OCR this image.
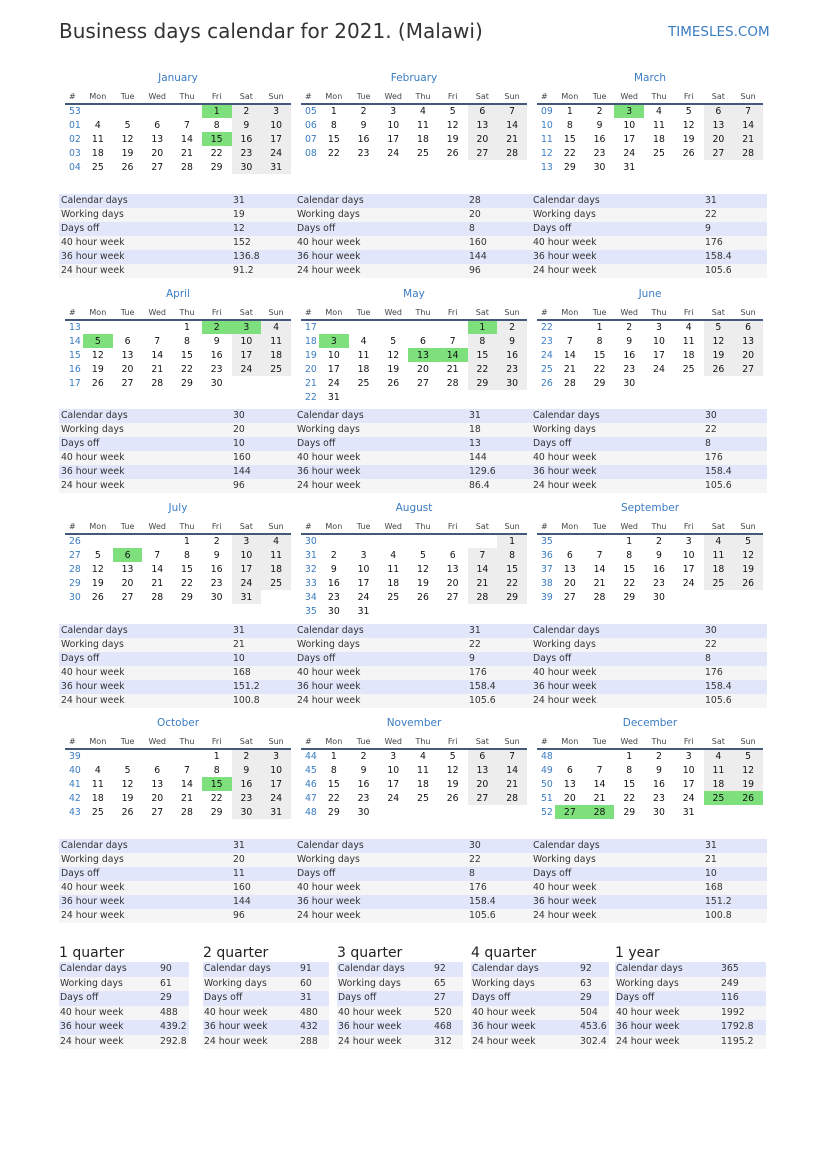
Business days calendar for 2021. (Malawi)	TIMESLES.COM
January
#	Mon	Tue	Wed	Thu	Fri	Sat	Sun
53					1	2	3
01	4	5	6	7	8	9	10
02	11	12	13	14	15	16	17
03	18	19	20	21	22	23	24
04	25	26	27	28	29	30	31
Calendar days	31
Working days	19
Days off	12
40 hour week	152
36 hour week	136.8
24 hour week	91.2
February
#	Mon	Tue	Wed	Thu	Fri	Sat	Sun
05	1	2	3	4	5	6	7
06	8	9	10	11	12	13	14
07	15	16	17	18	19	20	21
08	22	23	24	25	26	27	28
Calendar days	28
Working days	20
Days off	8
40 hour week	160
36 hour week	144
24 hour week	96
March
#	Mon	Tue	Wed	Thu	Fri	Sat	Sun
09	1	2	3	4	5	6	7
10	8	9	10	11	12	13	14
11	15	16	17	18	19	20	21
12	22	23	24	25	26	27	28
13	29	30	31				
Calendar days	31
Working days	22
Days off	9
40 hour week	176
36 hour week	158.4
24 hour week	105.6
April
#	Mon	Tue	Wed	Thu	Fri	Sat	Sun
13				1	2	3	4
14	5	6	7	8	9	10	11
15	12	13	14	15	16	17	18
16	19	20	21	22	23	24	25
17	26	27	28	29	30		
Calendar days	30
Working days	20
Days off	10
40 hour week	160
36 hour week	144
24 hour week	96
May
#	Mon	Tue	Wed	Thu	Fri	Sat	Sun
17						1	2
18	3	4	5	6	7	8	9
19	10	11	12	13	14	15	16
20	17	18	19	20	21	22	23
21	24	25	26	27	28	29	30
22	31						
Calendar days	31
Working days	18
Days off	13
40 hour week	144
36 hour week	129.6
24 hour week	86.4
June
#	Mon	Tue	Wed	Thu	Fri	Sat	Sun
22		1	2	3	4	5	6
23	7	8	9	10	11	12	13
24	14	15	16	17	18	19	20
25	21	22	23	24	25	26	27
26	28	29	30				
Calendar days	30
Working days	22
Days off	8
40 hour week	176
36 hour week	158.4
24 hour week	105.6
July
#	Mon	Tue	Wed	Thu	Fri	Sat	Sun
26				1	2	3	4
27	5	6	7	8	9	10	11
28	12	13	14	15	16	17	18
29	19	20	21	22	23	24	25
30	26	27	28	29	30	31	
Calendar days	31
Working days	21
Days off	10
40 hour week	168
36 hour week	151.2
24 hour week	100.8
August
#	Mon	Tue	Wed	Thu	Fri	Sat	Sun
30							1
31	2	3	4	5	6	7	8
32	9	10	11	12	13	14	15
33	16	17	18	19	20	21	22
34	23	24	25	26	27	28	29
35	30	31					
Calendar days	31
Working days	22
Days off	9
40 hour week	176
36 hour week	158.4
24 hour week	105.6
September
#	Mon	Tue	Wed	Thu	Fri	Sat	Sun
35			1	2	3	4	5
36	6	7	8	9	10	11	12
37	13	14	15	16	17	18	19
38	20	21	22	23	24	25	26
39	27	28	29	30			
Calendar days	30
Working days	22
Days off	8
40 hour week	176
36 hour week	158.4
24 hour week	105.6
October
#	Mon	Tue	Wed	Thu	Fri	Sat	Sun
39					1	2	3
40	4	5	6	7	8	9	10
41	11	12	13	14	15	16	17
42	18	19	20	21	22	23	24
43	25	26	27	28	29	30	31
Calendar days	31
Working days	20
Days off	11
40 hour week	160
36 hour week	144
24 hour week	96
November
#	Mon	Tue	Wed	Thu	Fri	Sat	Sun
44	1	2	3	4	5	6	7
45	8	9	10	11	12	13	14
46	15	16	17	18	19	20	21
47	22	23	24	25	26	27	28
48	29	30					
Calendar days	30
Working days	22
Days off	8
40 hour week	176
36 hour week	158.4
24 hour week	105.6
December
#	Mon	Tue	Wed	Thu	Fri	Sat	Sun
48			1	2	3	4	5
49	6	7	8	9	10	11	12
50	13	14	15	16	17	18	19
51	20	21	22	23	24	25	26
52	27	28	29	30	31		
Calendar days	31
Working days	21
Days off	10
40 hour week	168
36 hour week	151.2
24 hour week	100.8
1 quarter
Calendar days	90
Working days	61
Days off	29
40 hour week	488
36 hour week	439.2
24 hour week	292.8
2 quarter
Calendar days	91
Working days	60
Days off	31
40 hour week	480
36 hour week	432
24 hour week	288
3 quarter
Calendar days	92
Working days	65
Days off	27
40 hour week	520
36 hour week	468
24 hour week	312
4 quarter
Calendar days	92
Working days	63
Days off	29
40 hour week	504
36 hour week	453.6
24 hour week	302.4
1 year
Calendar days	365
Working days	249
Days off	116
40 hour week	1992
36 hour week	1792.8
24 hour week	1195.2
